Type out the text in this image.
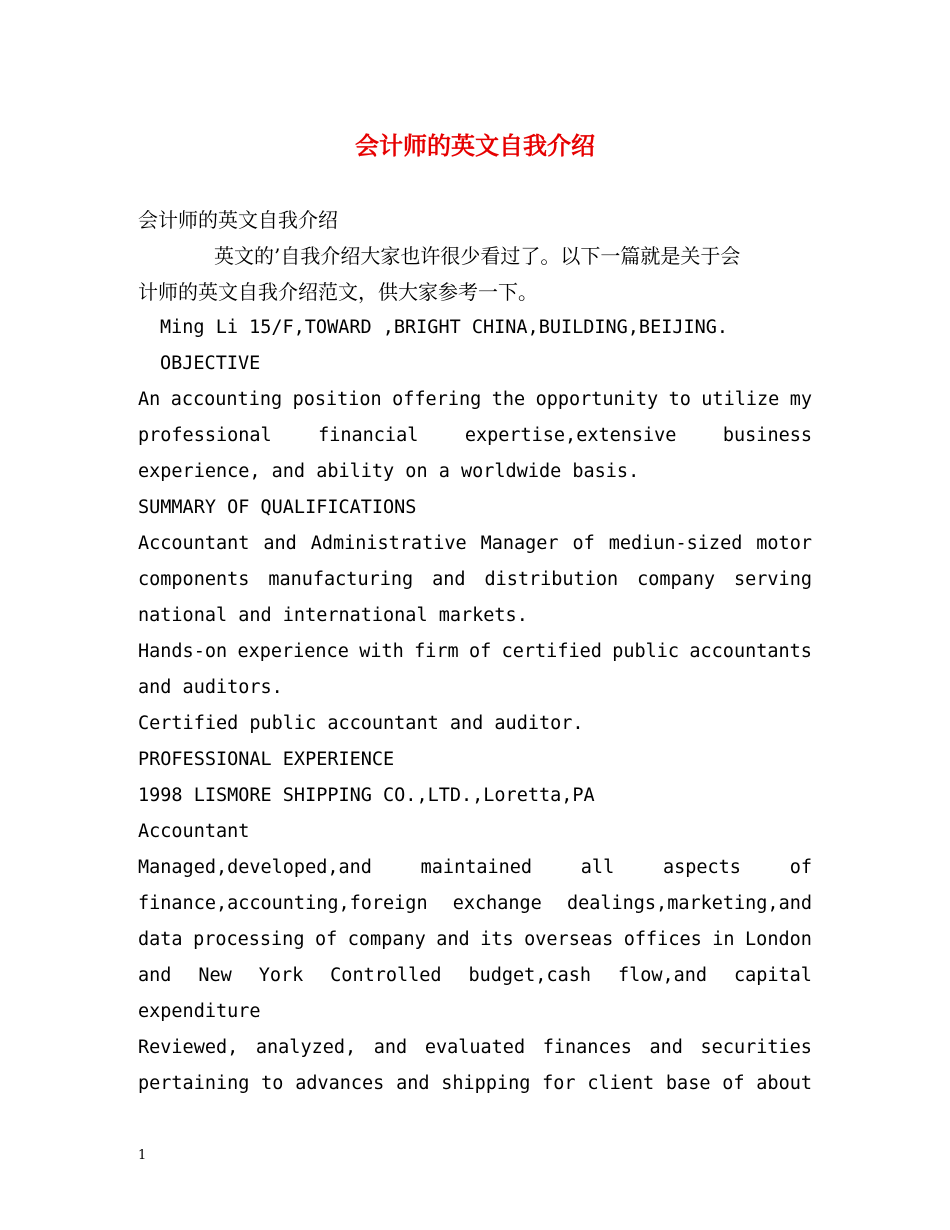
会计师的英文自我介绍
会计师的英文自我介绍
英文的’自我介绍大家也许很少看过了。以下一篇就是关于会
计师的英文自我介绍范文，供大家参考一下。
Ming Li 15/F,TOWARD ,BRIGHT CHINA,BUILDING,BEIJING.
OBJECTIVE
An accounting position offering the opportunity to utilize my
professional	financial	expertise,extensive	business
experience, and ability on a worldwide basis.
SUMMARY OF QUALIFICATIONS
Accountant and Administrative Manager of mediun-sized motor
components manufacturing and distribution company serving
national and international markets.
Hands-on experience with firm of certified public accountants
and auditors.
Certified public accountant and auditor.
PROFESSIONAL EXPERIENCE
1998 LISMORE SHIPPING CO.,LTD.,Loretta,PA
Accountant
Managed,developed,and	maintained	all	aspects	of
finance,accounting,foreign exchange dealings,marketing,and
data processing of company and its overseas offices in London
and New York Controlled budget,cash flow,and capital
expenditure
Reviewed, analyzed, and evaluated finances and securities
pertaining to advances and shipping for client base of about
1
